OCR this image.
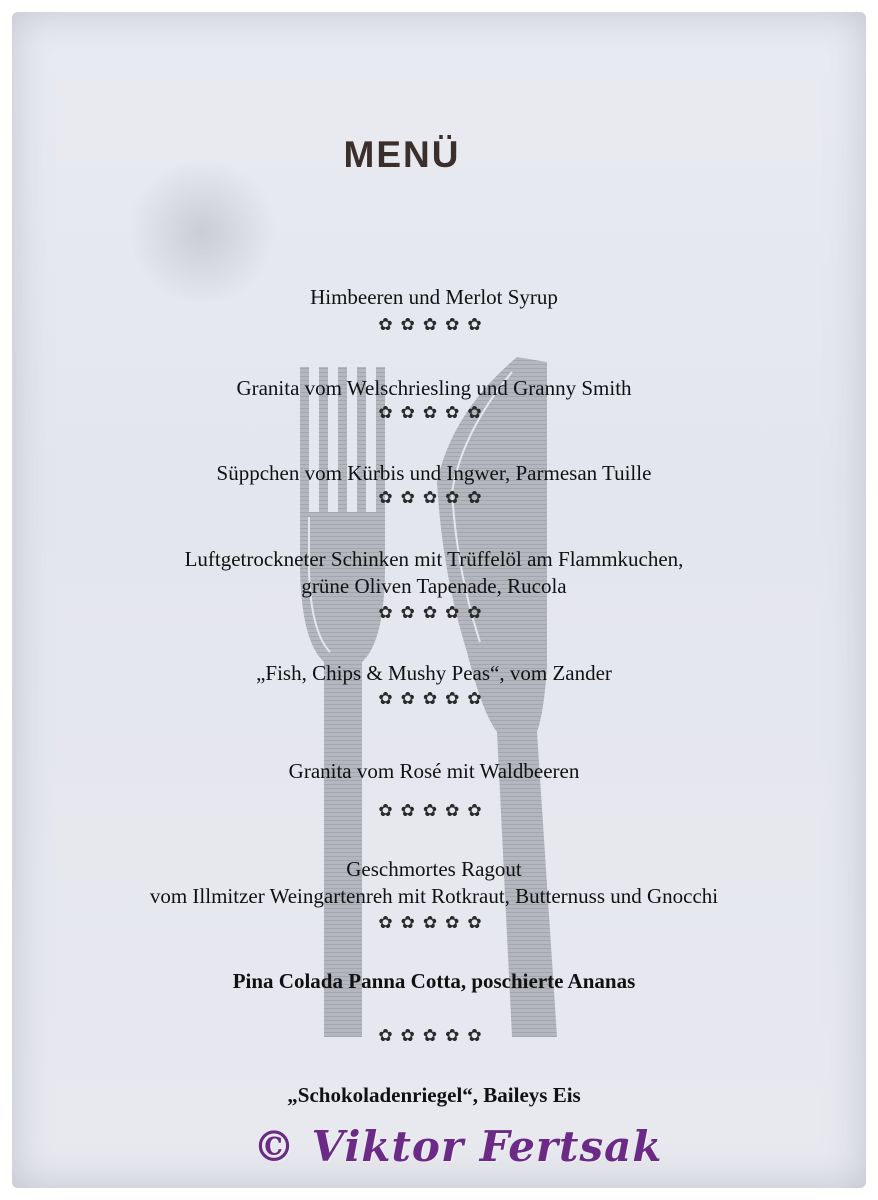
MENÜ
Himbeeren und Merlot Syrup
✿✿✿✿✿
Granita vom Welschriesling und Granny Smith
✿✿✿✿✿
Süppchen vom Kürbis und Ingwer, Parmesan Tuille
✿✿✿✿✿
Luftgetrockneter Schinken mit Trüffelöl am Flammkuchen,
grüne Oliven Tapenade, Rucola
✿✿✿✿✿
„Fish, Chips & Mushy Peas“, vom Zander
✿✿✿✿✿
Granita vom Rosé mit Waldbeeren
✿✿✿✿✿
Geschmortes Ragout
vom Illmitzer Weingartenreh mit Rotkraut, Butternuss und Gnocchi
✿✿✿✿✿
Pina Colada Panna Cotta, poschierte Ananas
✿✿✿✿✿
„Schokoladenriegel“, Baileys Eis
© Viktor Fertsak
